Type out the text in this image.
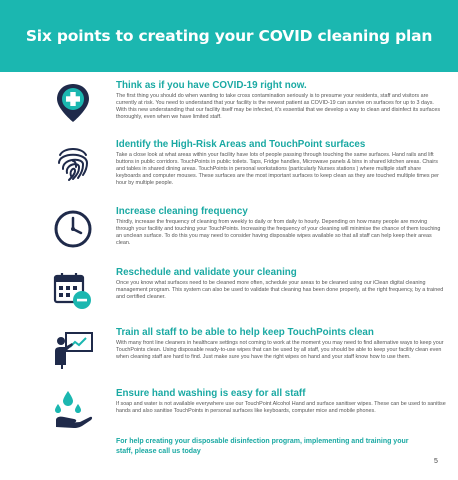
Six points to creating your COVID cleaning plan
Think as if you have COVID-19 right now.

The first thing you should do when wanting to take cross contamination seriously is to presume your residents, staff and visitors are currently at risk. You need to understand that your facility is the newest patient as COVID-19 can survive on surfaces for up to 3 days. With this new understanding that our facility itself may be infected, it's essential that we develop a way to clean and disinfect its surfaces thoroughly, even when we have limited staff.

Identify the High-Risk Areas and TouchPoint surfaces

Take a close look at what areas within your facility have lots of people passing through touching the same surfaces. Hand rails and lift buttons in public corridors. TouchPoints in public toilets. Taps, Fridge handles, Microwave panels & bins in shared kitchen areas. Chairs and tables in shared dining areas. TouchPoints in personal workstations (particularly Nurses stations ) where multiple staff share keyboards and computer mouses. These surfaces are the most important surfaces to keep clean as they are touched multiple times per hour by multiple people.

Increase cleaning frequency

Thirdly, increase the frequency of cleaning from weekly to daily or from daily to hourly. Depending on how many people are moving through your facility and touching your TouchPoints. Increasing the frequency of your cleaning will minimise the chance of them touching an unclean surface. To do this you may need to consider having disposable wipes available so that all staff can help keep their areas clean.

Reschedule and validate your cleaning

Once you know what surfaces need to be cleaned more often, schedule your areas to be cleaned using our iClean digital cleaning management program. This system can also be used to validate that cleaning has been done properly, at the right frequency, by a trained and certified cleaner.

Train all staff to be able to help keep TouchPoints clean

With many front line cleaners in healthcare settings not coming to work at the moment you may need to find alternative ways to keep your TouchPoints clean. Using disposable ready-to-use wipes that can be used by all staff, you should be able to keep your facility clean even when cleaning staff are hard to find. Just make sure you have the right wipes on hand and your staff know how to use them.

Ensure hand washing is easy for all staff

If soap and water is not available everywhere use our TouchPoint Alcohol Hand and surface sanitiser wipes. These can be used to sanitise hands and also sanitise TouchPoints in personal surfaces like keyboards, computer mice and mobile phones.

For help creating your disposable disinfection program, implementing and training your staff, please call us today

5
